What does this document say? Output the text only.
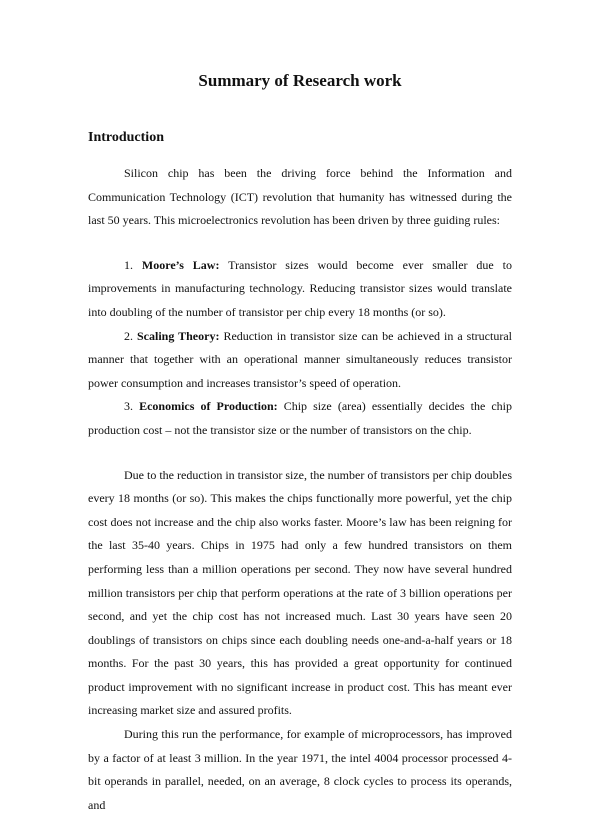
Summary of Research work
Introduction

Silicon chip has been the driving force behind the Information and Communication Technology (ICT) revolution that humanity has witnessed during the last 50 years. This microelectronics revolution has been driven by three guiding rules:

1. Moore’s Law: Transistor sizes would become ever smaller due to improvements in manufacturing technology. Reducing transistor sizes would translate into doubling of the number of transistor per chip every 18 months (or so).

2. Scaling Theory: Reduction in transistor size can be achieved in a structural manner that together with an operational manner simultaneously reduces transistor power consumption and increases transistor’s speed of operation.

3. Economics of Production: Chip size (area) essentially decides the chip production cost – not the transistor size or the number of transistors on the chip.

Due to the reduction in transistor size, the number of transistors per chip doubles every 18 months (or so). This makes the chips functionally more powerful, yet the chip cost does not increase and the chip also works faster. Moore’s law has been reigning for the last 35-40 years. Chips in 1975 had only a few hundred transistors on them performing less than a million operations per second. They now have several hundred million transistors per chip that perform operations at the rate of 3 billion operations per second, and yet the chip cost has not increased much. Last 30 years have seen 20 doublings of transistors on chips since each doubling needs one-and-a-half years or 18 months. For the past 30 years, this has provided a great opportunity for continued product improvement with no significant increase in product cost. This has meant ever increasing market size and assured profits.

During this run the performance, for example of microprocessors, has improved by a factor of at least 3 million. In the year 1971, the intel 4004 processor processed 4-bit operands in parallel, needed, on an average, 8 clock cycles to process its operands, and
